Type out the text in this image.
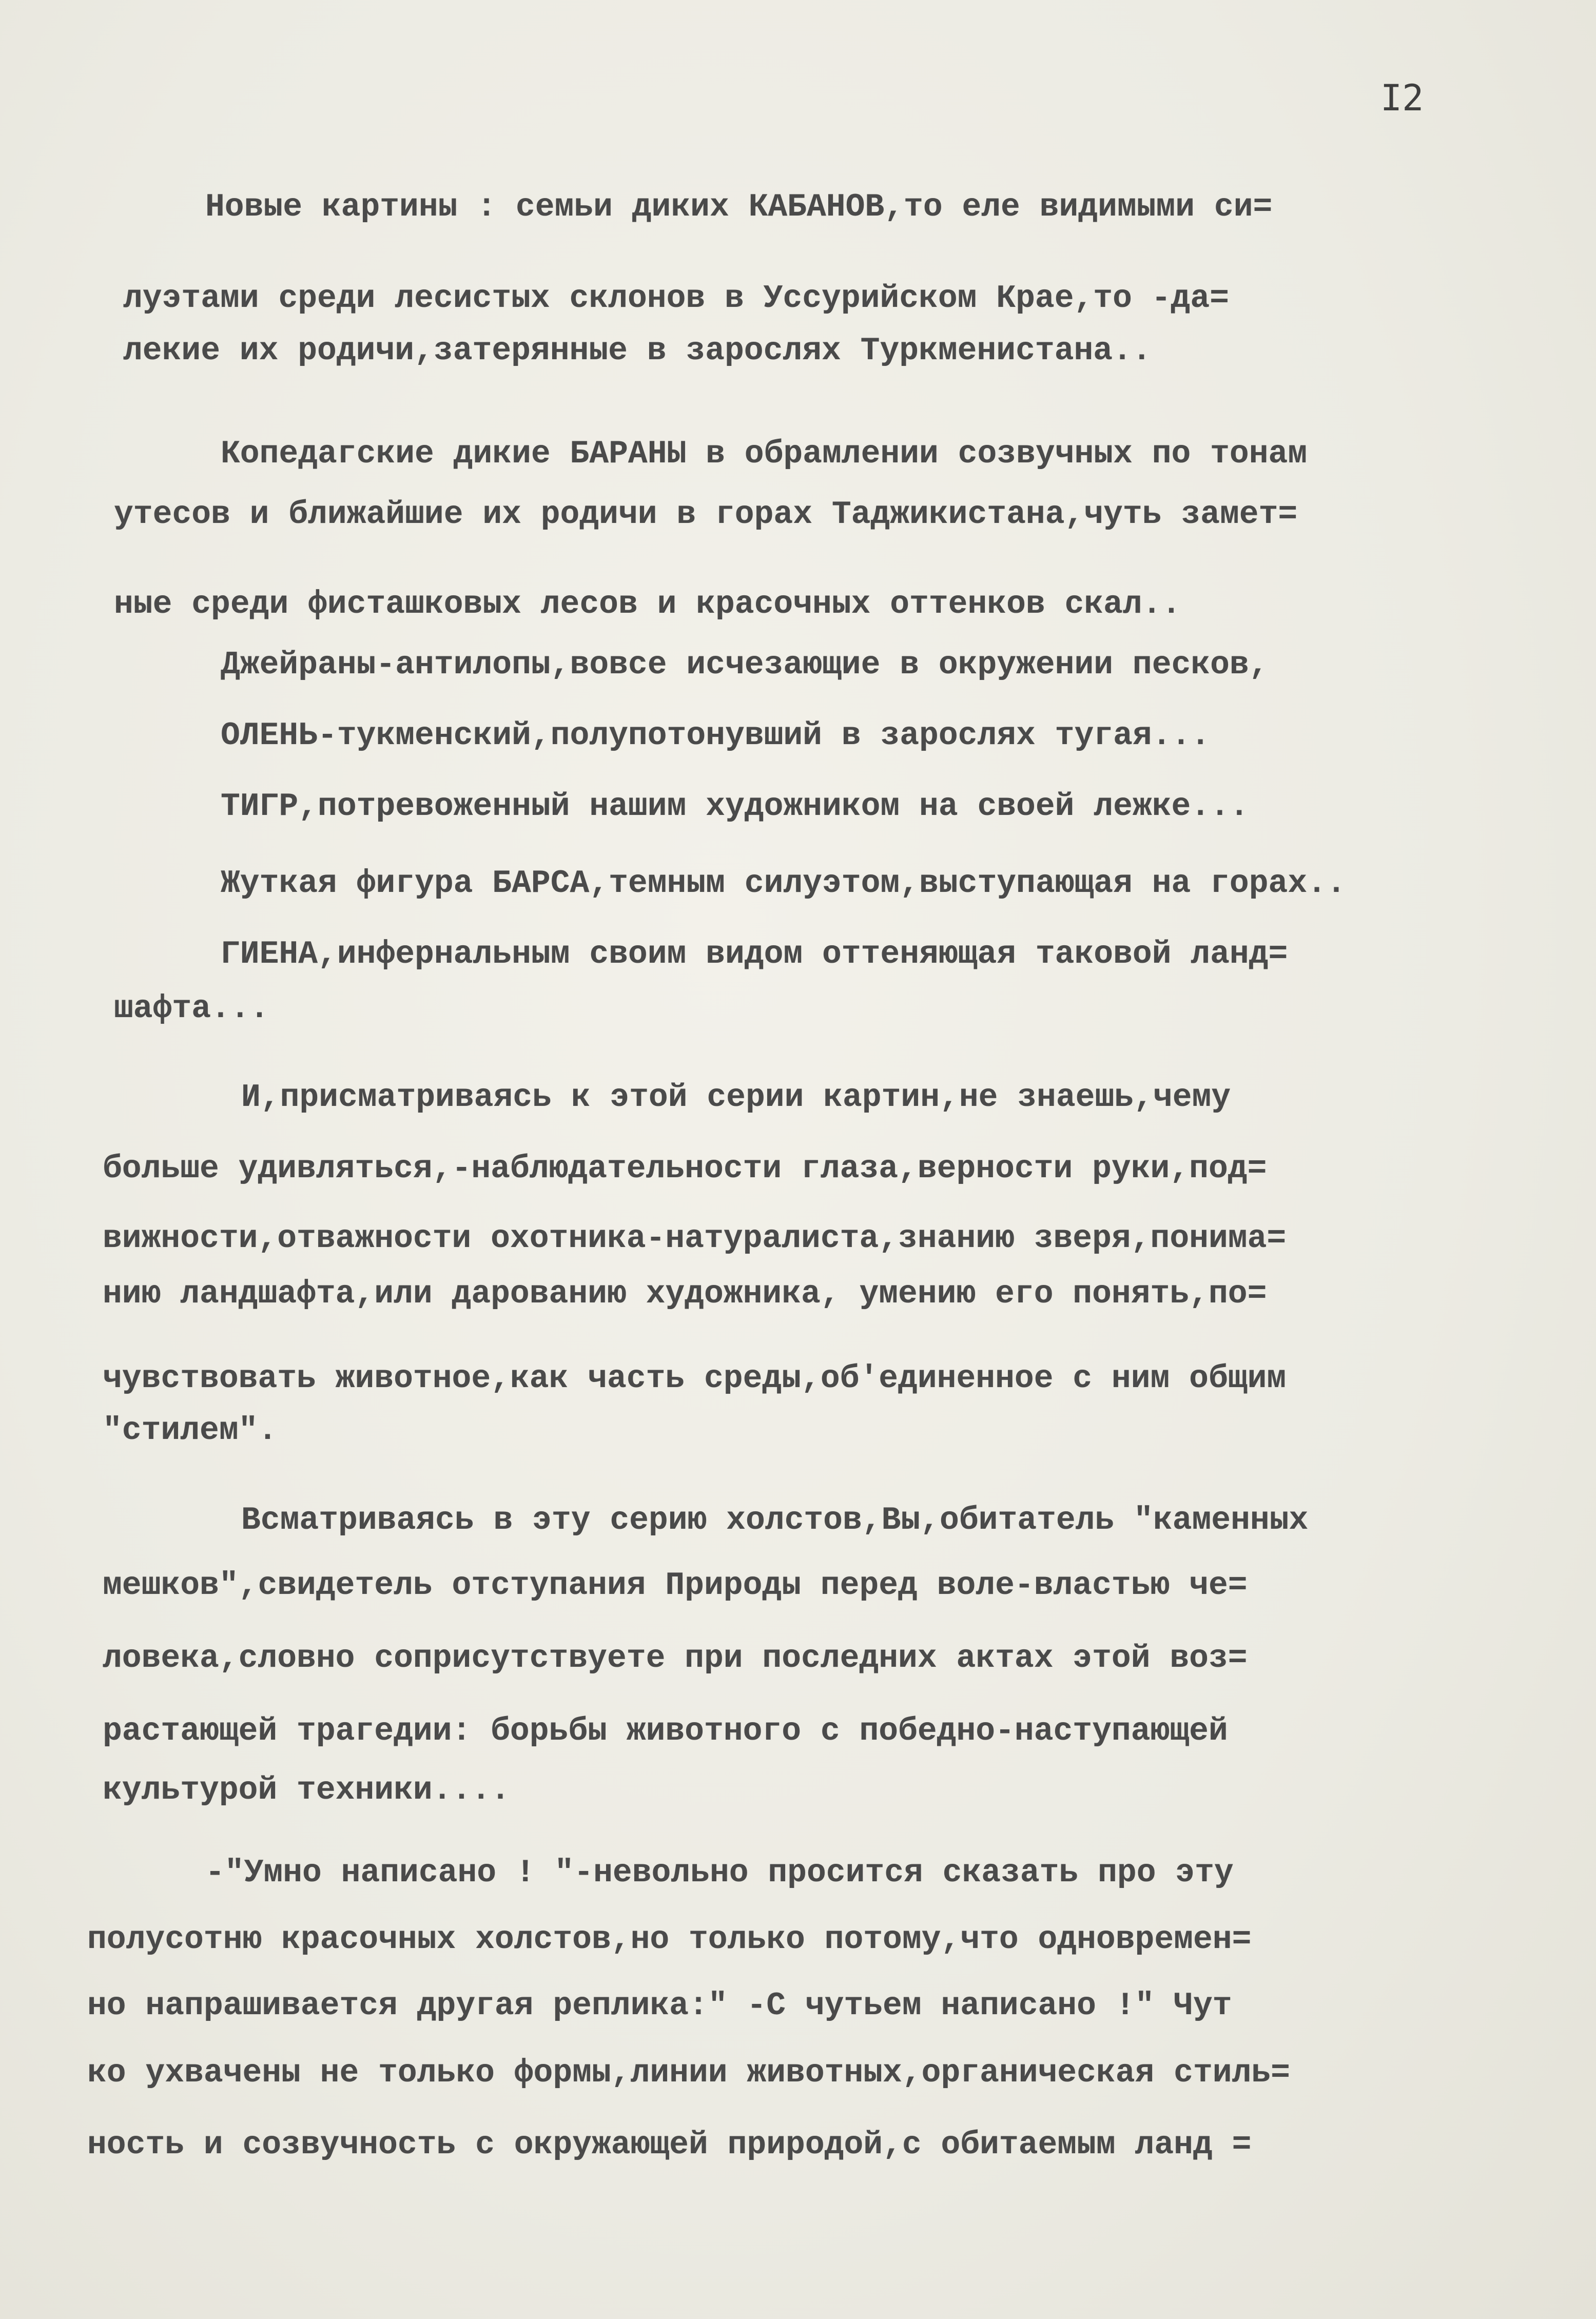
I2
Новые картины : семьи диких КАБАНОВ,то еле видимыми си=
луэтами среди лесистых склонов в Уссурийском Крае,то -да=
лекие их родичи,затерянные в зарослях Туркменистана..
Копедагские дикие БАРАНЫ в обрамлении созвучных по тонам
утесов и ближайшие их родичи в горах Таджикистана,чуть замет=
ные среди фисташковых лесов и красочных оттенков скал..
Джейраны-антилопы,вовсе исчезающие в окружении песков,
ОЛЕНЬ-тукменский,полупотонувший в зарослях тугая...
ТИГР,потревоженный нашим художником на своей лежке...
Жуткая фигура БАРСА,темным силуэтом,выступающая на горах..
ГИЕНА,инфернальным своим видом оттеняющая таковой ланд=
шафта...
И,присматриваясь к этой серии картин,не знаешь,чему
больше удивляться,-наблюдательности глаза,верности руки,под=
вижности,отважности охотника-натуралиста,знанию зверя,понима=
нию ландшафта,или дарованию художника, умению его понять,по=
чувствовать животное,как часть среды,об'единенное с ним общим
"стилем".
Всматриваясь в эту серию холстов,Вы,обитатель "каменных
мешков",свидетель отступания Природы перед воле-властью че=
ловека,словно соприсутствуете при последних актах этой воз=
растающей трагедии: борьбы животного с победно-наступающей
культурой техники....
-"Умно написано ! "-невольно просится сказать про эту
полусотню красочных холстов,но только потому,что одновремен=
но напрашивается другая реплика:" -С чутьем написано !" Чут
ко ухвачены не только формы,линии животных,органическая стиль=
ность и созвучность с окружающей природой,с обитаемым ланд =
